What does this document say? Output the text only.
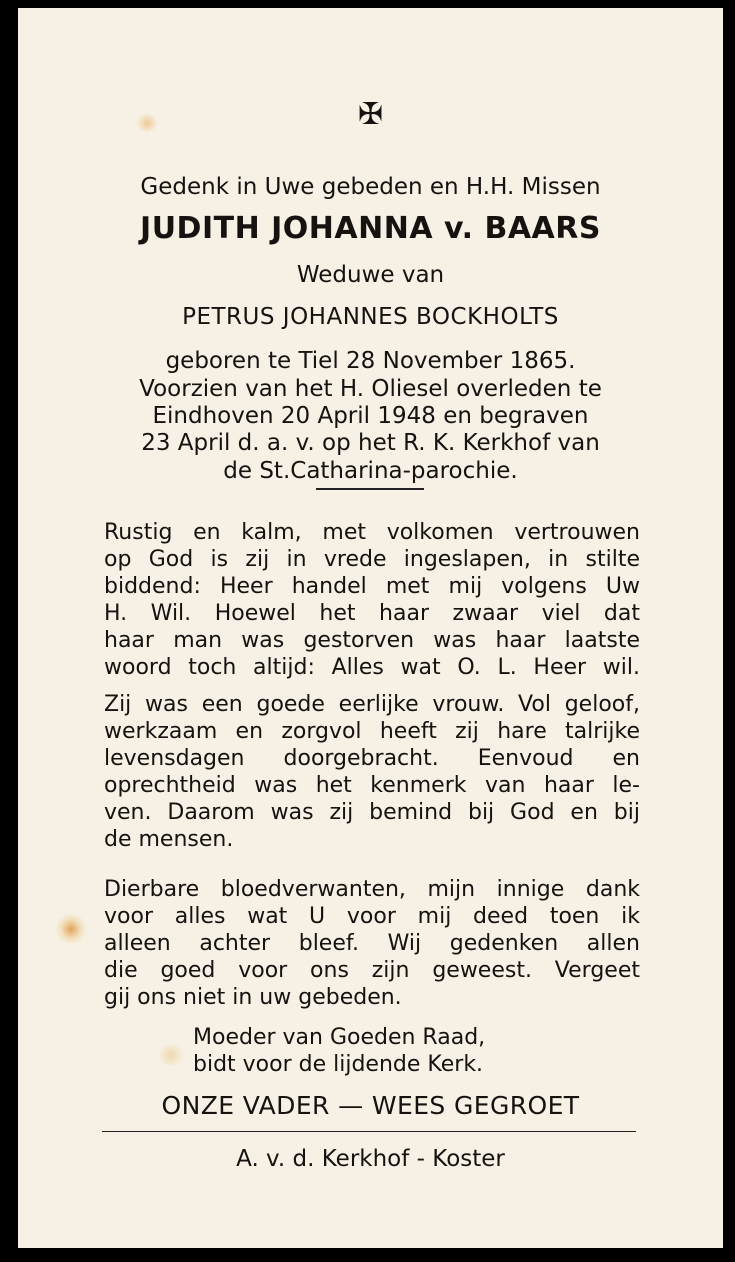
✠
Gedenk in Uwe gebeden en H.H. Missen
JUDITH JOHANNA v. BAARS
Weduwe van
PETRUS JOHANNES BOCKHOLTS
geboren te Tiel 28 November 1865.
Voorzien van het H. Oliesel overleden te
Eindhoven 20 April 1948 en begraven
23 April d. a. v. op het R. K. Kerkhof van
de St.Catharina-parochie.
Rustig en kalm, met volkomen vertrouwen
op God is zij in vrede ingeslapen, in stilte
biddend: Heer handel met mij volgens Uw
H. Wil. Hoewel het haar zwaar viel dat
haar man was gestorven was haar laatste
woord toch altijd: Alles wat O. L. Heer wil.
Zij was een goede eerlijke vrouw. Vol geloof,
werkzaam en zorgvol heeft zij hare talrijke
levensdagen doorgebracht. Eenvoud en
oprechtheid was het kenmerk van haar le-
ven. Daarom was zij bemind bij God en bij
de mensen.
Dierbare bloedverwanten, mijn innige dank
voor alles wat U voor mij deed toen ik
alleen achter bleef. Wij gedenken allen
die goed voor ons zijn geweest. Vergeet
gij ons niet in uw gebeden.
Moeder van Goeden Raad,
bidt voor de lijdende Kerk.
ONZE VADER — WEES GEGROET
A. v. d. Kerkhof - Koster
